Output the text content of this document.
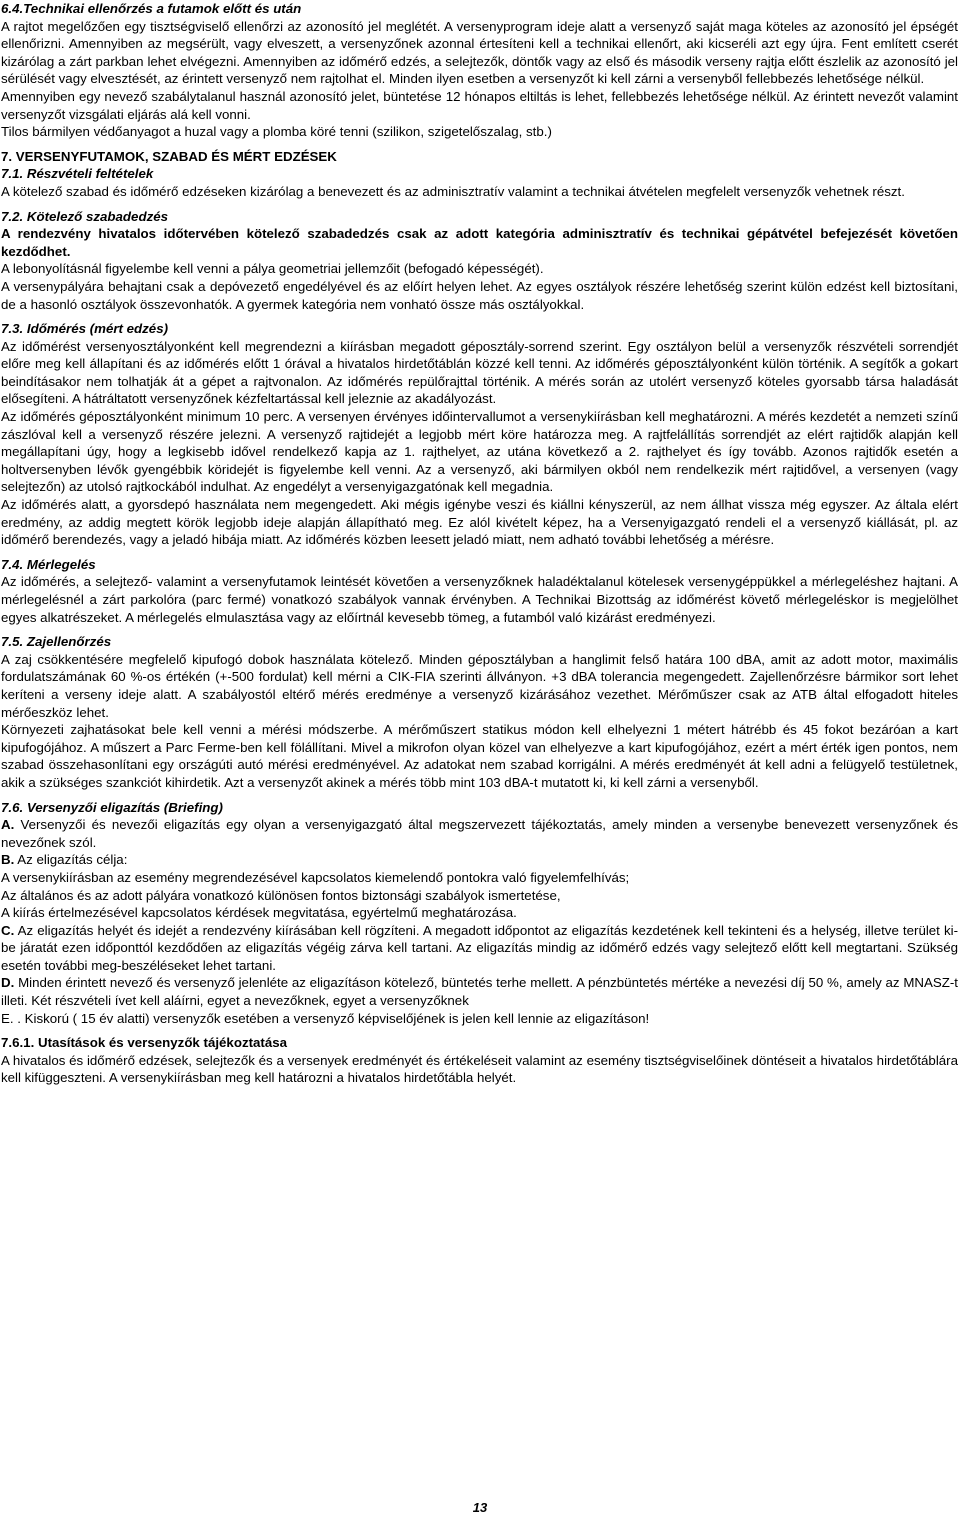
6.4.Technikai ellenőrzés a futamok előtt és után

A rajtot megelőzően egy tisztségviselő ellenőrzi az azonosító jel meglétét. A versenyprogram ideje alatt a versenyző saját maga köteles az azonosító jel épségét ellenőrizni. Amennyiben az megsérült, vagy elveszett, a versenyzőnek azonnal értesíteni kell a technikai ellenőrt, aki kicseréli azt egy újra. Fent említett cserét kizárólag a zárt parkban lehet elvégezni. Amennyiben az időmérő edzés, a selejtezők, döntők vagy az első és második verseny rajtja előtt észlelik az azonosító jel sérülését vagy elvesztését, az érintett versenyző nem rajtolhat el. Minden ilyen esetben a versenyzőt ki kell zárni a versenyből fellebbezés lehetősége nélkül.

Amennyiben egy nevező szabálytalanul használ azonosító jelet, büntetése 12 hónapos eltiltás is lehet, fellebbezés lehetősége nélkül. Az érintett nevezőt valamint versenyzőt vizsgálati eljárás alá kell vonni.

Tilos bármilyen védőanyagot a huzal vagy a plomba köré tenni (szilikon, szigetelőszalag, stb.)

7. VERSENYFUTAMOK, SZABAD ÉS MÉRT EDZÉSEK

7.1. Részvételi feltételek

A kötelező szabad és időmérő edzéseken kizárólag a benevezett és az adminisztratív valamint a technikai átvételen megfelelt versenyzők vehetnek részt.

7.2. Kötelező szabadedzés

A rendezvény hivatalos időtervében kötelező szabadedzés csak az adott kategória adminisztratív és technikai gépátvétel befejezését követően kezdődhet.

A lebonyolításnál figyelembe kell venni a pálya geometriai jellemzőit (befogadó képességét).

A versenypályára behajtani csak a depóvezető engedélyével és az előírt helyen lehet. Az egyes osztályok részére lehetőség szerint külön edzést kell biztosítani, de a hasonló osztályok összevonhatók. A gyermek kategória nem vonható össze más osztályokkal.

7.3. Időmérés (mért edzés)

Az időmérést versenyosztályonként kell megrendezni a kiírásban megadott géposztály-sorrend szerint. Egy osztályon belül a versenyzők részvételi sorrendjét előre meg kell állapítani és az időmérés előtt 1 órával a hivatalos hirdetőtáblán közzé kell tenni. Az időmérés géposztályonként külön történik. A segítők a gokart beindításakor nem tolhatják át a gépet a rajtvonalon. Az időmérés repülőrajttal történik. A mérés során az utolért versenyző köteles gyorsabb társa haladását elősegíteni. A hátráltatott versenyzőnek kézfeltartással kell jeleznie az akadályozást.

Az időmérés géposztályonként minimum 10 perc. A versenyen érvényes időintervallumot a versenykiírásban kell meghatározni. A mérés kezdetét a nemzeti színű zászlóval kell a versenyző részére jelezni. A versenyző rajtidejét a legjobb mért köre határozza meg. A rajtfelállítás sorrendjét az elért rajtidők alapján kell megállapítani úgy, hogy a legkisebb idővel rendelkező kapja az 1. rajthelyet, az utána következő a 2. rajthelyet és így tovább. Azonos rajtidők esetén a holtversenyben lévők gyengébbik köridejét is figyelembe kell venni. Az a versenyző, aki bármilyen okból nem rendelkezik mért rajtidővel, a versenyen (vagy selejtezőn) az utolsó rajtkockából indulhat. Az engedélyt a versenyigazgatónak kell megadnia.

Az időmérés alatt, a gyorsdepó használata nem megengedett. Aki mégis igénybe veszi és kiállni kényszerül, az nem állhat vissza még egyszer. Az általa elért eredmény, az addig megtett körök legjobb ideje alapján állapítható meg. Ez alól kivételt képez, ha a Versenyigazgató rendeli el a versenyző kiállását, pl. az időmérő berendezés, vagy a jeladó hibája miatt. Az időmérés közben leesett jeladó miatt, nem adható további lehetőség a mérésre.

7.4. Mérlegelés

Az időmérés, a selejtező- valamint a versenyfutamok leintését követően a versenyzőknek haladéktalanul kötelesek versenygéppükkel a mérlegeléshez hajtani. A mérlegelésnél a zárt parkolóra (parc fermé) vonatkozó szabályok vannak érvényben. A Technikai Bizottság az időmérést követő mérlegeléskor is megjelölhet egyes alkatrészeket. A mérlegelés elmulasztása vagy az előírtnál kevesebb tömeg, a futamból való kizárást eredményezi.

7.5. Zajellenőrzés

A zaj csökkentésére megfelelő kipufogó dobok használata kötelező. Minden géposztályban a hanglimit felső határa 100 dBA, amit az adott motor, maximális fordulatszámának 60 %-os értékén (+-500 fordulat) kell mérni a CIK-FIA szerinti állványon. +3 dBA tolerancia megengedett. Zajellenőrzésre bármikor sort lehet keríteni a verseny ideje alatt. A szabályostól eltérő mérés eredménye a versenyző kizárásához vezethet. Mérőműszer csak az ATB által elfogadott hiteles mérőeszköz lehet.

Környezeti zajhatásokat bele kell venni a mérési módszerbe. A mérőműszert statikus módon kell elhelyezni 1 métert hátrébb és 45 fokot bezáróan a kart kipufogójához. A műszert a Parc Ferme-ben kell fölállítani. Mivel a mikrofon olyan közel van elhelyezve a kart kipufogójához, ezért a mért érték igen pontos, nem szabad összehasonlítani egy országúti autó mérési eredményével. Az adatokat nem szabad korrigálni. A mérés eredményét át kell adni a felügyelő testületnek, akik a szükséges szankciót kihirdetik. Azt a versenyzőt akinek a mérés több mint 103 dBA-t mutatott ki, ki kell zárni a versenyből.

7.6. Versenyzői eligazítás (Briefing)

A. Versenyzői és nevezői eligazítás egy olyan a versenyigazgató által megszervezett tájékoztatás, amely minden a versenybe benevezett versenyzőnek és nevezőnek szól.

B. Az eligazítás célja:

A versenykiírásban az esemény megrendezésével kapcsolatos kiemelendő pontokra való figyelemfelhívás;

Az általános és az adott pályára vonatkozó különösen fontos biztonsági szabályok ismertetése,

A kiírás értelmezésével kapcsolatos kérdések megvitatása, egyértelmű meghatározása.

C. Az eligazítás helyét és idejét a rendezvény kiírásában kell rögzíteni. A megadott időpontot az eligazítás kezdetének kell tekinteni és a helység, illetve terület ki-be járatát ezen időponttól kezdődően az eligazítás végéig zárva kell tartani. Az eligazítás mindig az időmérő edzés vagy selejtező előtt kell megtartani. Szükség esetén további meg-beszéléseket lehet tartani.

D. Minden érintett nevező és versenyző jelenléte az eligazításon kötelező, büntetés terhe mellett. A pénzbüntetés mértéke a nevezési díj 50 %, amely az MNASZ-t illeti. Két részvételi ívet kell aláírni, egyet a nevezőknek, egyet a versenyzőknek

E. . Kiskorú ( 15 év alatti) versenyzők esetében a versenyző képviselőjének is jelen kell lennie az eligazításon!

7.6.1. Utasítások és versenyzők tájékoztatása

A hivatalos és időmérő edzések, selejtezők és a versenyek eredményét és értékeléseit valamint az esemény tisztségviselőinek döntéseit a hivatalos hirdetőtáblára kell kifüggeszteni. A versenykiírásban meg kell határozni a hivatalos hirdetőtábla helyét.

13
